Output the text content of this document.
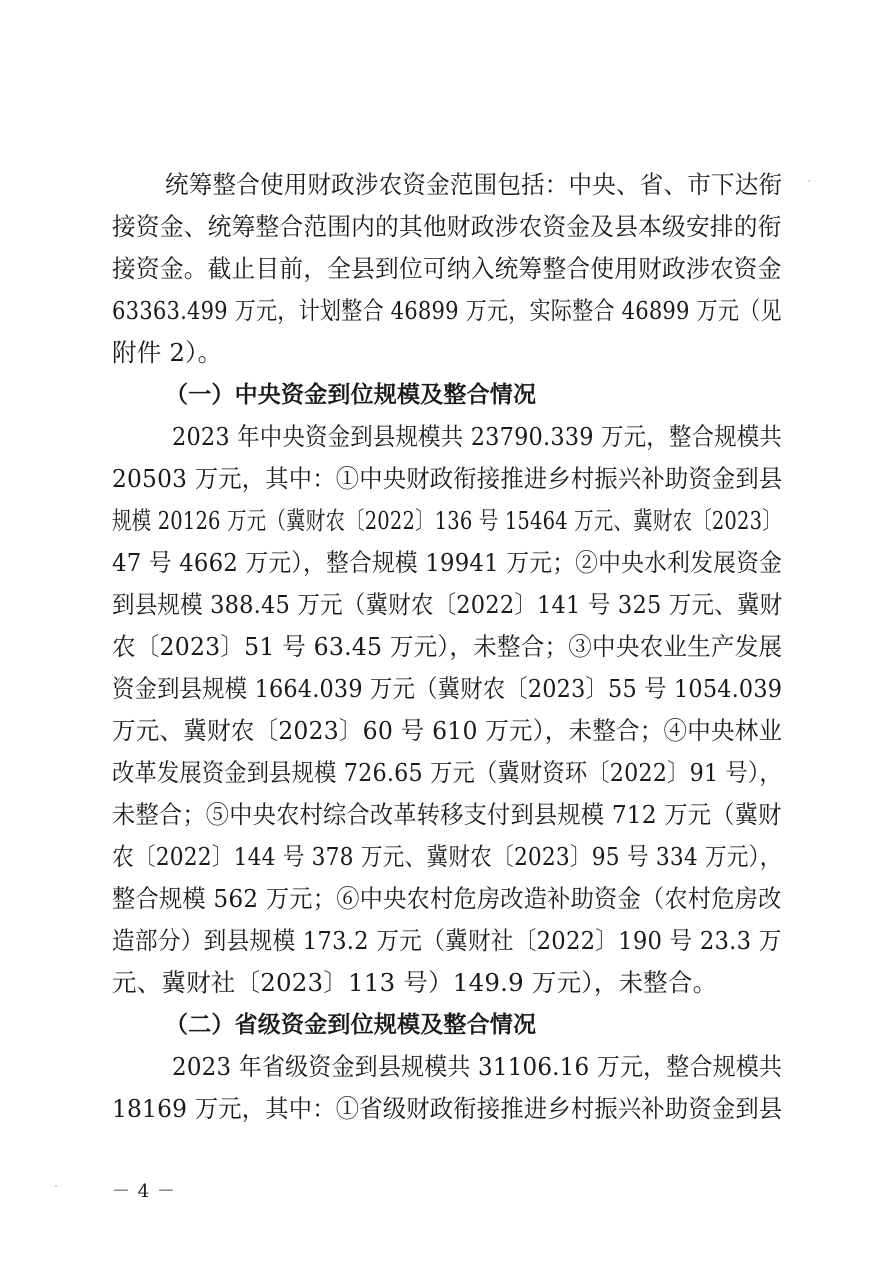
统筹整合使用财政涉农资金范围包括：中央、省、市下达衔
接资金、统筹整合范围内的其他财政涉农资金及县本级安排的衔
接资金。截止目前，全县到位可纳入统筹整合使用财政涉农资金
63363.499 万元，计划整合 46899 万元，实际整合 46899 万元（见
附件 2）。
（一）中央资金到位规模及整合情况
2023 年中央资金到县规模共 23790.339 万元，整合规模共
20503 万元，其中：①中央财政衔接推进乡村振兴补助资金到县
规模 20126 万元（冀财农〔2022〕136 号 15464 万元、冀财农〔2023〕
47 号 4662 万元），整合规模 19941 万元；②中央水利发展资金
到县规模 388.45 万元（冀财农〔2022〕141 号 325 万元、冀财
农〔2023〕51 号 63.45 万元），未整合；③中央农业生产发展
资金到县规模 1664.039 万元（冀财农〔2023〕55 号 1054.039
万元、冀财农〔2023〕60 号 610 万元），未整合；④中央林业
改革发展资金到县规模 726.65 万元（冀财资环〔2022〕91 号），
未整合；⑤中央农村综合改革转移支付到县规模 712 万元（冀财
农〔2022〕144 号 378 万元、冀财农〔2023〕95 号 334 万元），
整合规模 562 万元；⑥中央农村危房改造补助资金（农村危房改
造部分）到县规模 173.2 万元（冀财社〔2022〕190 号 23.3 万
元、冀财社〔2023〕113 号）149.9 万元），未整合。
（二）省级资金到位规模及整合情况
2023 年省级资金到县规模共 31106.16 万元，整合规模共
18169 万元，其中：①省级财政衔接推进乡村振兴补助资金到县
－ 4 －
